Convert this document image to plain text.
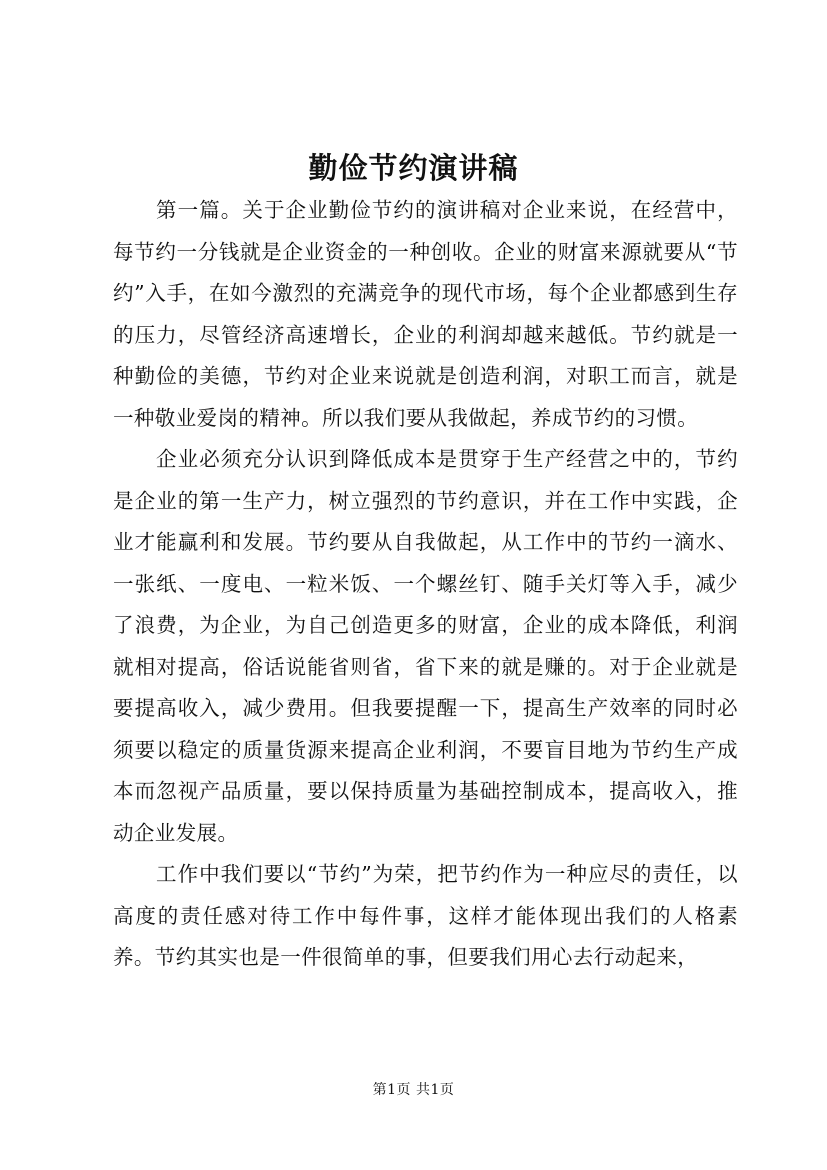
勤俭节约演讲稿

第一篇。关于企业勤俭节约的演讲稿对企业来说，在经营中，每节约一分钱就是企业资金的一种创收。企业的财富来源就要从“节约”入手，在如今激烈的充满竞争的现代市场，每个企业都感到生存的压力，尽管经济高速增长，企业的利润却越来越低。节约就是一种勤俭的美德，节约对企业来说就是创造利润，对职工而言，就是一种敬业爱岗的精神。所以我们要从我做起，养成节约的习惯。

企业必须充分认识到降低成本是贯穿于生产经营之中的，节约是企业的第一生产力，树立强烈的节约意识，并在工作中实践，企业才能赢利和发展。节约要从自我做起，从工作中的节约一滴水、一张纸、一度电、一粒米饭、一个螺丝钉、随手关灯等入手，减少了浪费，为企业，为自己创造更多的财富，企业的成本降低，利润就相对提高，俗话说能省则省，省下来的就是赚的。对于企业就是要提高收入，减少费用。但我要提醒一下，提高生产效率的同时必须要以稳定的质量货源来提高企业利润，不要盲目地为节约生产成本而忽视产品质量，要以保持质量为基础控制成本，提高收入，推动企业发展。

工作中我们要以“节约”为荣，把节约作为一种应尽的责任，以高度的责任感对待工作中每件事，这样才能体现出我们的人格素养。节约其实也是一件很简单的事，但要我们用心去行动起来，

第1页 共1页
